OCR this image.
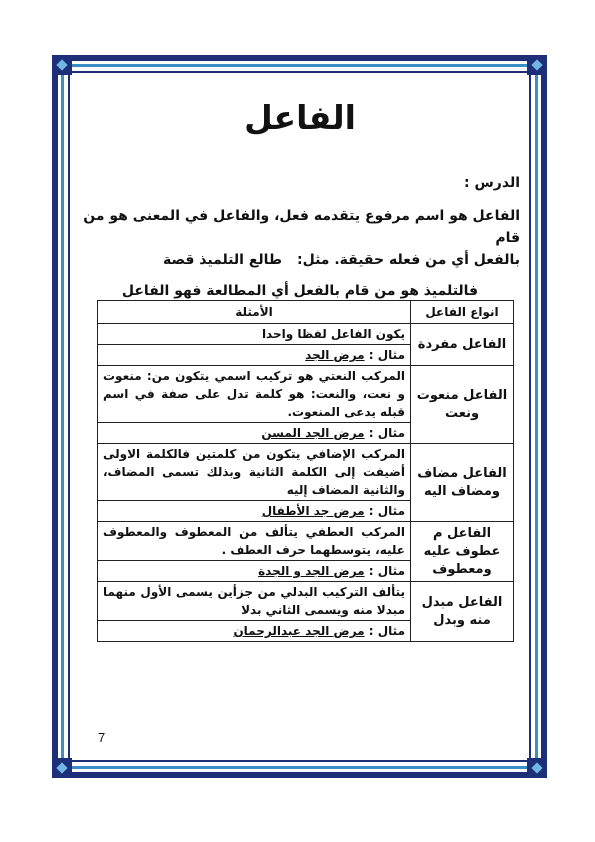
الفاعل
الدرس :
الفاعل هو اسم مرفوع يتقدمه فعل، والفاعل في المعنى هو من قام
بالفعل أي من فعله حقيقة. مثل: طالع التلميذ قصة
فالتلميذ هو من قام بالفعل أي المطالعة فهو الفاعل
انواع الفاعل	الأمثلة
الفاعل مفردة	يكون الفاعل لفظا واحدا
	مثال : مرض الجد
الفاعل منعوت ونعت	المركب النعتي هو تركيب اسمي يتكون من: منعوت و نعت، والنعت: هو كلمة تدل على صفة في اسم قبله يدعى المنعوت.
	مثال : مرض الجد المسن
الفاعل مضاف ومضاف اليه	المركب الإضافي يتكون من كلمتين فالكلمة الاولى أضيفت إلى الكلمة الثانية وبذلك تسمى المضاف، والثانية المضاف إليه
	مثال : مرض جد الأطفال
الفاعل م عطوف عليه ومعطوف	المركب العطفي يتألف من المعطوف والمعطوف عليه، يتوسطهما حرف العطف .
	مثال : مرض الجد و الجدة
الفاعل مبدل منه وبدل	يتألف التركيب البدلي من جزأين يسمى الأول منهما مبدلا منه ويسمى الثاني بدلا
	مثال : مرض الجد عبدالرحمان
7
